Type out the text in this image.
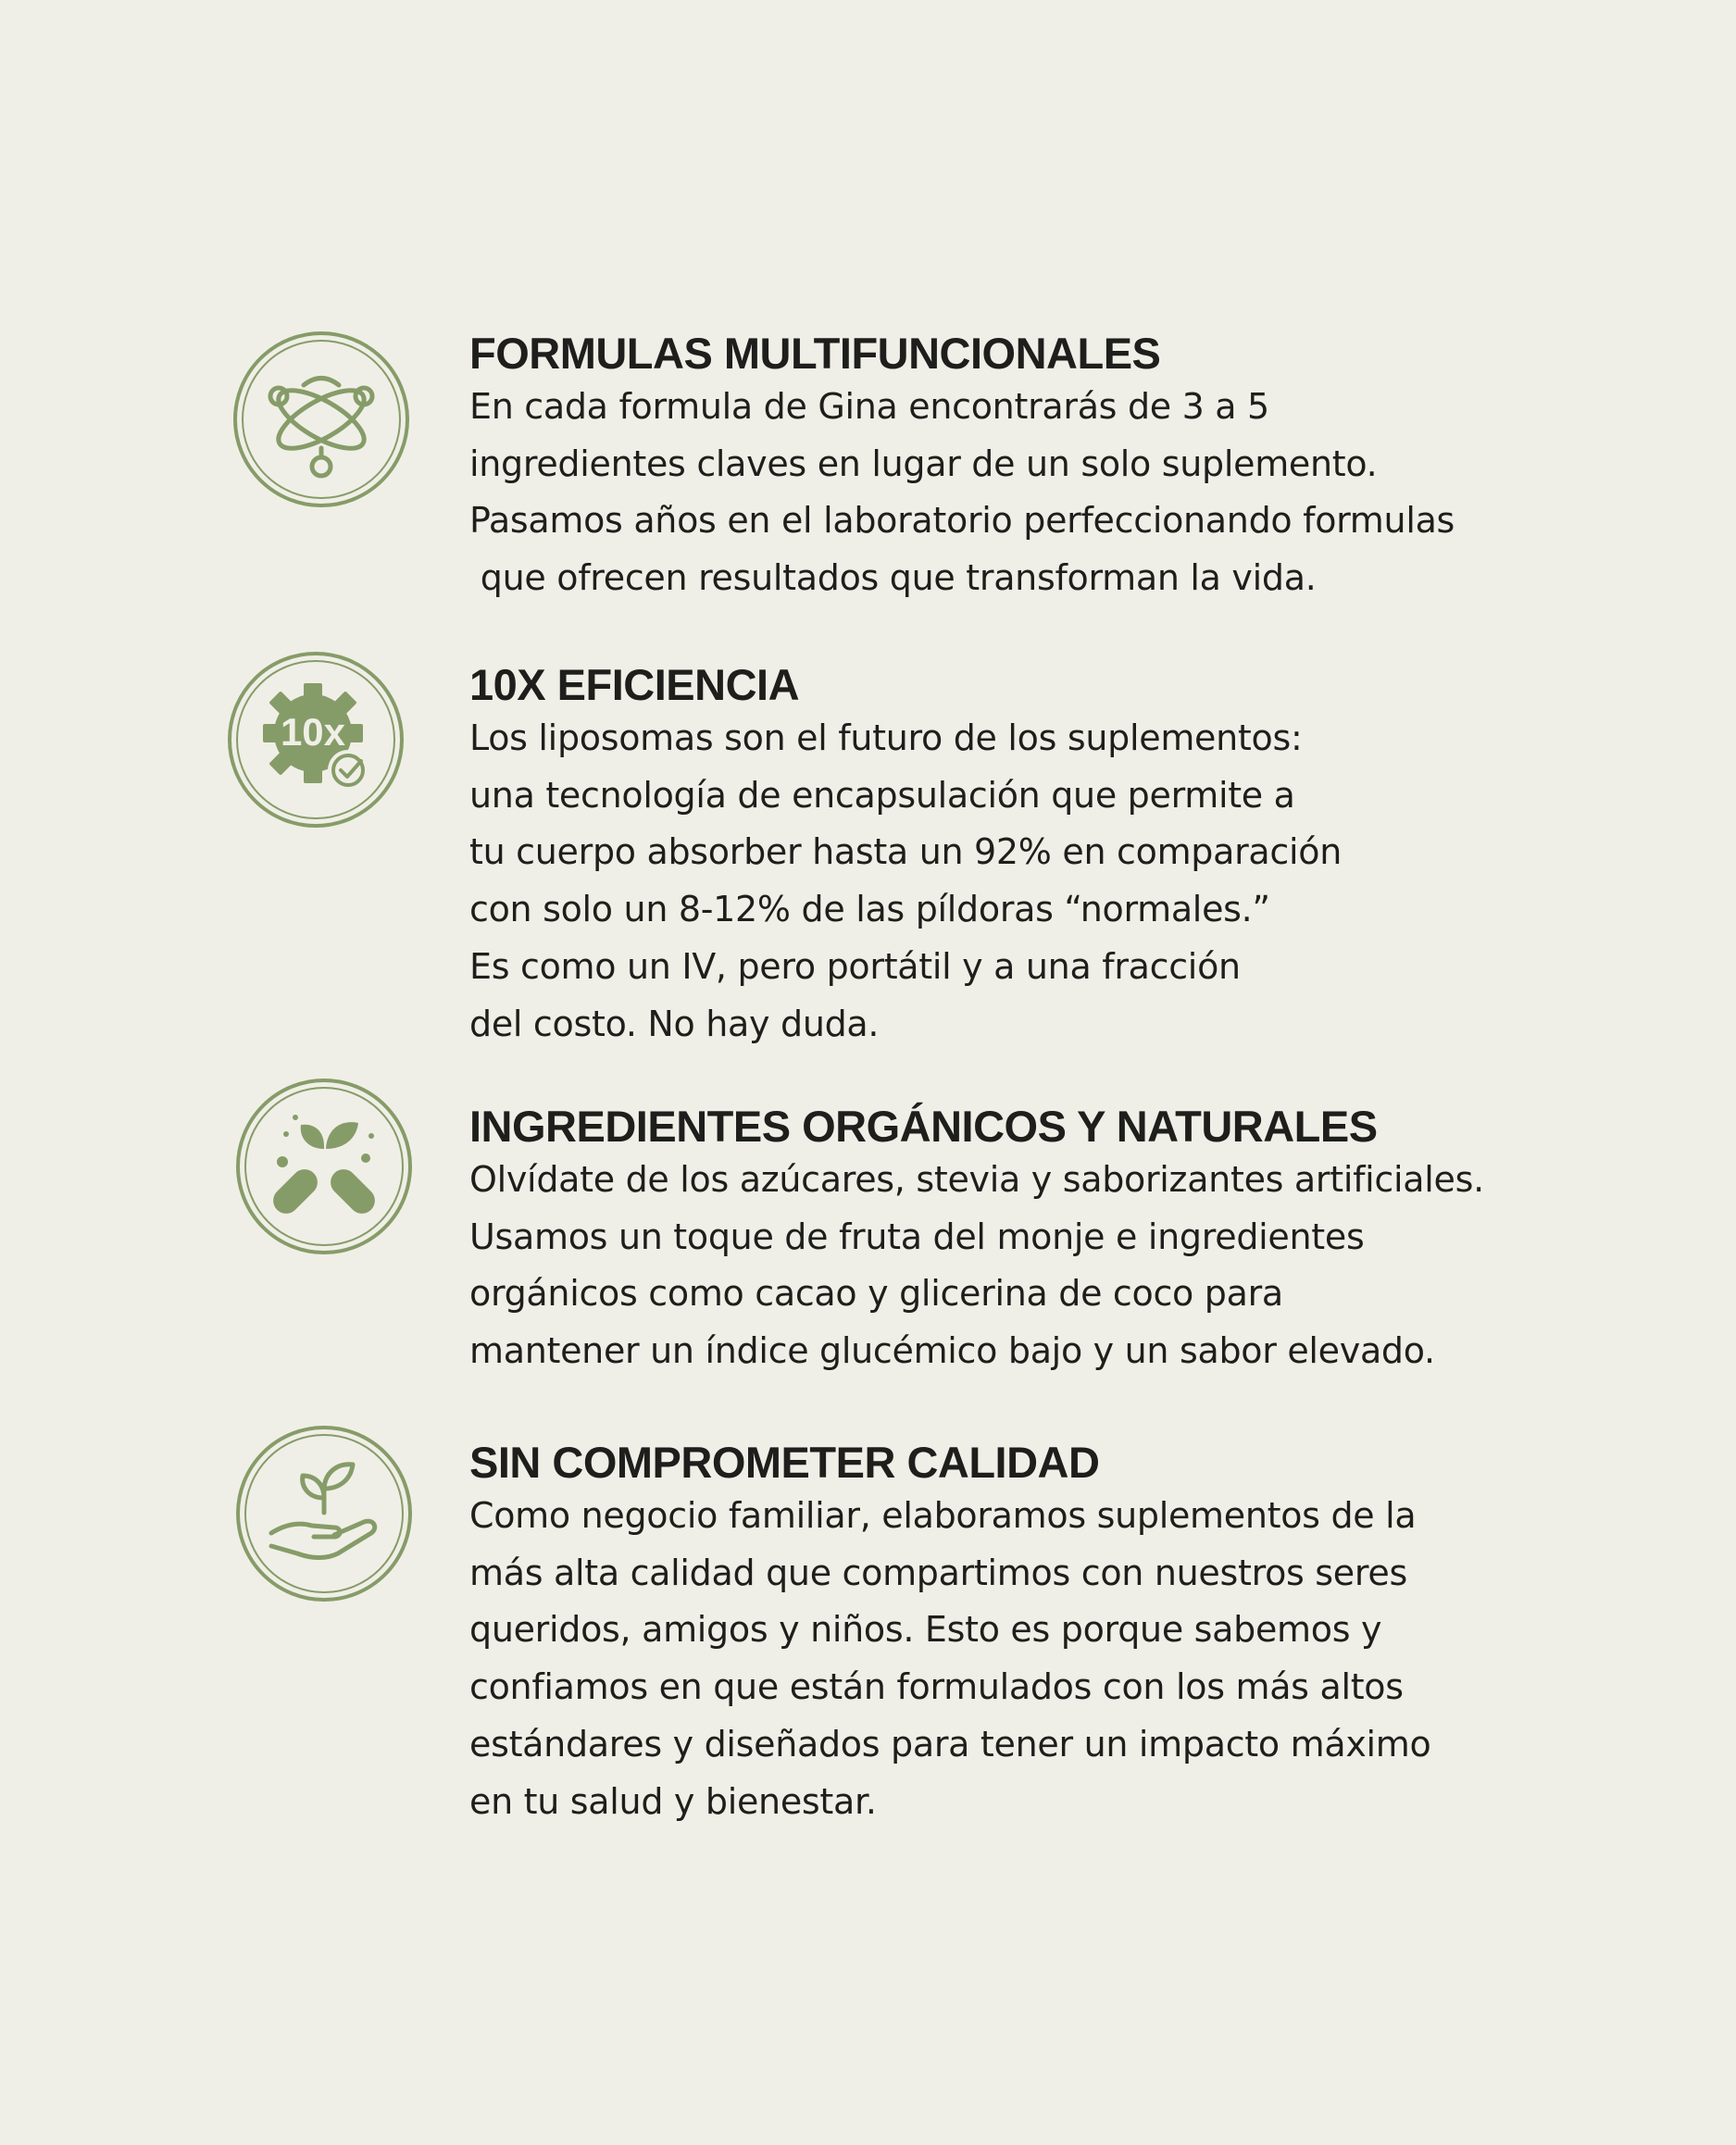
FORMULAS MULTIFUNCIONALES

En cada formula de Gina encontrarás de 3 a 5

ingredientes claves en lugar de un solo suplemento.

Pasamos años en el laboratorio perfeccionando formulas

que ofrecen resultados que transforman la vida.

10x

10X EFICIENCIA

Los liposomas son el futuro de los suplementos:

una tecnología de encapsulación que permite a

tu cuerpo absorber hasta un 92% en comparación

con solo un 8-12% de las píldoras “normales.”

Es como un IV, pero portátil y a una fracción

del costo. No hay duda.

INGREDIENTES ORGÁNICOS Y NATURALES

Olvídate de los azúcares, stevia y saborizantes artificiales.

Usamos un toque de fruta del monje e ingredientes

orgánicos como cacao y glicerina de coco para

mantener un índice glucémico bajo y un sabor elevado.

SIN COMPROMETER CALIDAD

Como negocio familiar, elaboramos suplementos de la

más alta calidad que compartimos con nuestros seres

queridos, amigos y niños. Esto es porque sabemos y

confiamos en que están formulados con los más altos

estándares y diseñados para tener un impacto máximo

en tu salud y bienestar.
